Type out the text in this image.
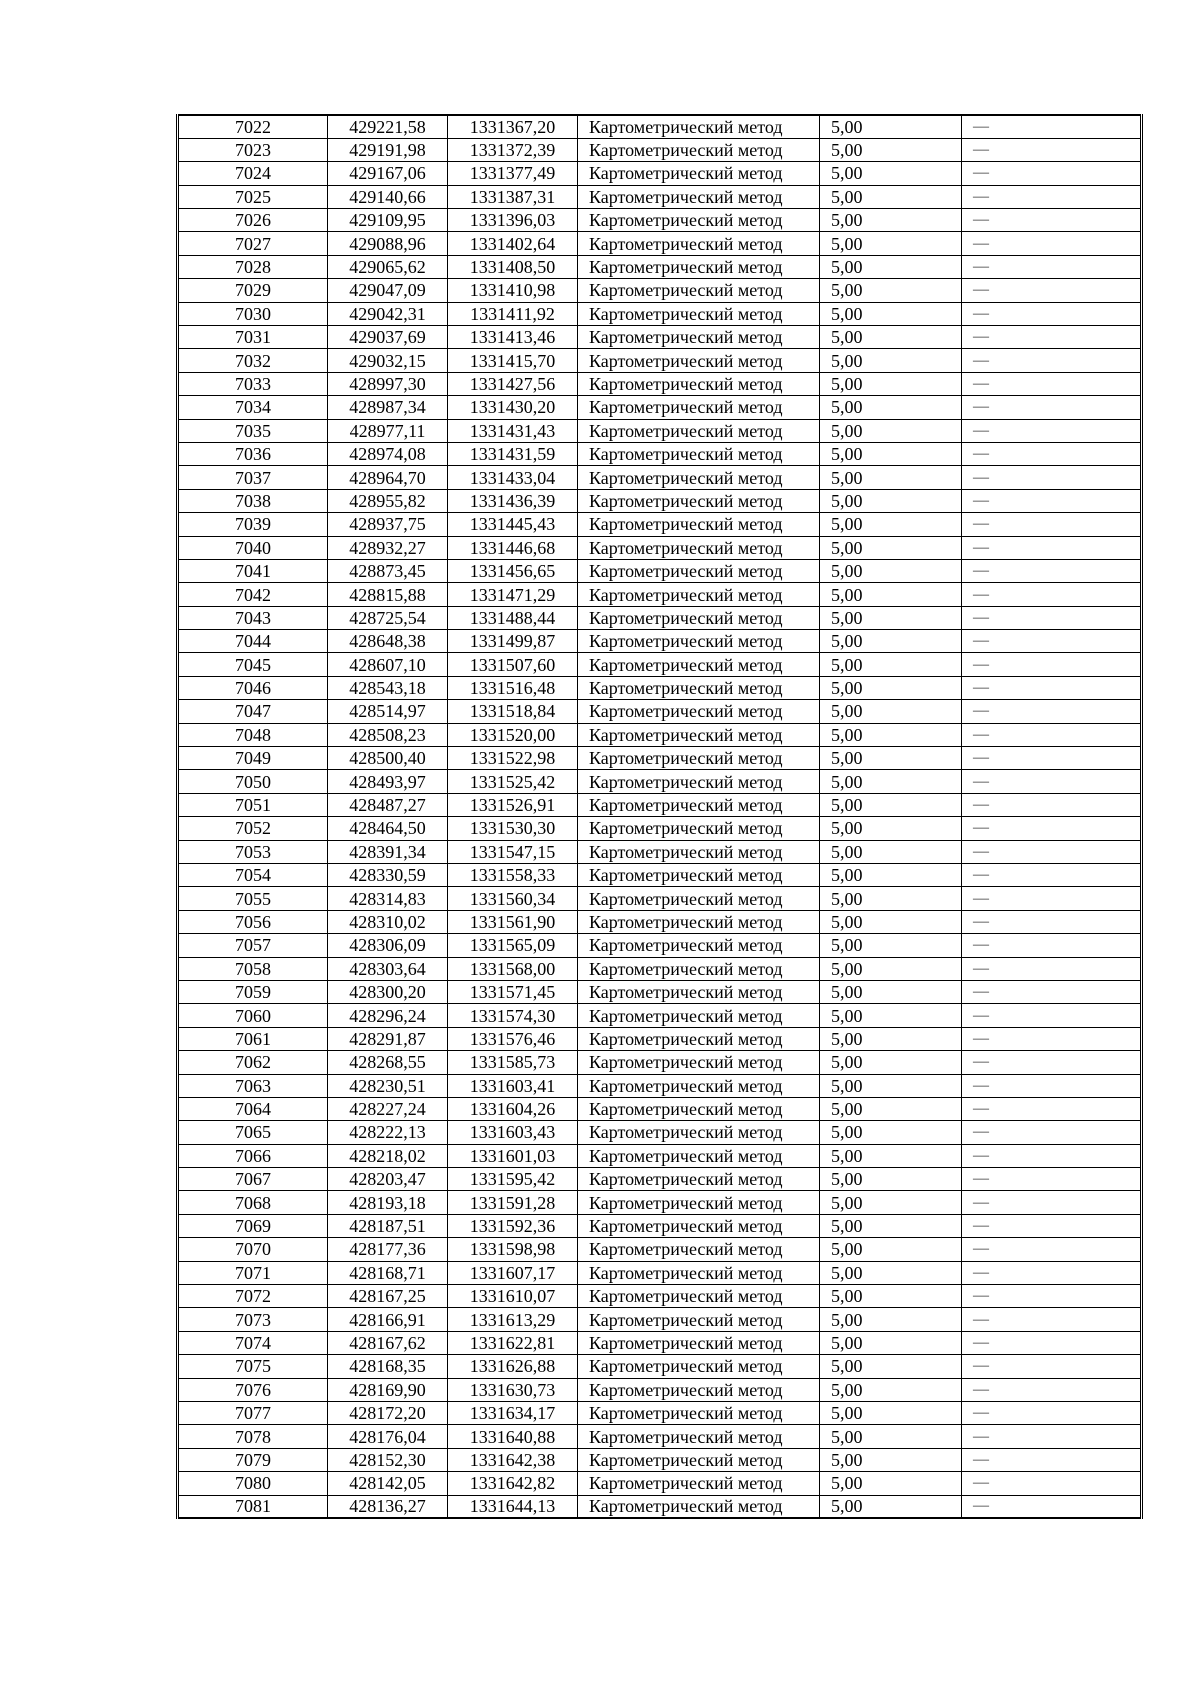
7022	429221,58	1331367,20	Картометрический метод	5,00	—
7023	429191,98	1331372,39	Картометрический метод	5,00	—
7024	429167,06	1331377,49	Картометрический метод	5,00	—
7025	429140,66	1331387,31	Картометрический метод	5,00	—
7026	429109,95	1331396,03	Картометрический метод	5,00	—
7027	429088,96	1331402,64	Картометрический метод	5,00	—
7028	429065,62	1331408,50	Картометрический метод	5,00	—
7029	429047,09	1331410,98	Картометрический метод	5,00	—
7030	429042,31	1331411,92	Картометрический метод	5,00	—
7031	429037,69	1331413,46	Картометрический метод	5,00	—
7032	429032,15	1331415,70	Картометрический метод	5,00	—
7033	428997,30	1331427,56	Картометрический метод	5,00	—
7034	428987,34	1331430,20	Картометрический метод	5,00	—
7035	428977,11	1331431,43	Картометрический метод	5,00	—
7036	428974,08	1331431,59	Картометрический метод	5,00	—
7037	428964,70	1331433,04	Картометрический метод	5,00	—
7038	428955,82	1331436,39	Картометрический метод	5,00	—
7039	428937,75	1331445,43	Картометрический метод	5,00	—
7040	428932,27	1331446,68	Картометрический метод	5,00	—
7041	428873,45	1331456,65	Картометрический метод	5,00	—
7042	428815,88	1331471,29	Картометрический метод	5,00	—
7043	428725,54	1331488,44	Картометрический метод	5,00	—
7044	428648,38	1331499,87	Картометрический метод	5,00	—
7045	428607,10	1331507,60	Картометрический метод	5,00	—
7046	428543,18	1331516,48	Картометрический метод	5,00	—
7047	428514,97	1331518,84	Картометрический метод	5,00	—
7048	428508,23	1331520,00	Картометрический метод	5,00	—
7049	428500,40	1331522,98	Картометрический метод	5,00	—
7050	428493,97	1331525,42	Картометрический метод	5,00	—
7051	428487,27	1331526,91	Картометрический метод	5,00	—
7052	428464,50	1331530,30	Картометрический метод	5,00	—
7053	428391,34	1331547,15	Картометрический метод	5,00	—
7054	428330,59	1331558,33	Картометрический метод	5,00	—
7055	428314,83	1331560,34	Картометрический метод	5,00	—
7056	428310,02	1331561,90	Картометрический метод	5,00	—
7057	428306,09	1331565,09	Картометрический метод	5,00	—
7058	428303,64	1331568,00	Картометрический метод	5,00	—
7059	428300,20	1331571,45	Картометрический метод	5,00	—
7060	428296,24	1331574,30	Картометрический метод	5,00	—
7061	428291,87	1331576,46	Картометрический метод	5,00	—
7062	428268,55	1331585,73	Картометрический метод	5,00	—
7063	428230,51	1331603,41	Картометрический метод	5,00	—
7064	428227,24	1331604,26	Картометрический метод	5,00	—
7065	428222,13	1331603,43	Картометрический метод	5,00	—
7066	428218,02	1331601,03	Картометрический метод	5,00	—
7067	428203,47	1331595,42	Картометрический метод	5,00	—
7068	428193,18	1331591,28	Картометрический метод	5,00	—
7069	428187,51	1331592,36	Картометрический метод	5,00	—
7070	428177,36	1331598,98	Картометрический метод	5,00	—
7071	428168,71	1331607,17	Картометрический метод	5,00	—
7072	428167,25	1331610,07	Картометрический метод	5,00	—
7073	428166,91	1331613,29	Картометрический метод	5,00	—
7074	428167,62	1331622,81	Картометрический метод	5,00	—
7075	428168,35	1331626,88	Картометрический метод	5,00	—
7076	428169,90	1331630,73	Картометрический метод	5,00	—
7077	428172,20	1331634,17	Картометрический метод	5,00	—
7078	428176,04	1331640,88	Картометрический метод	5,00	—
7079	428152,30	1331642,38	Картометрический метод	5,00	—
7080	428142,05	1331642,82	Картометрический метод	5,00	—
7081	428136,27	1331644,13	Картометрический метод	5,00	—
